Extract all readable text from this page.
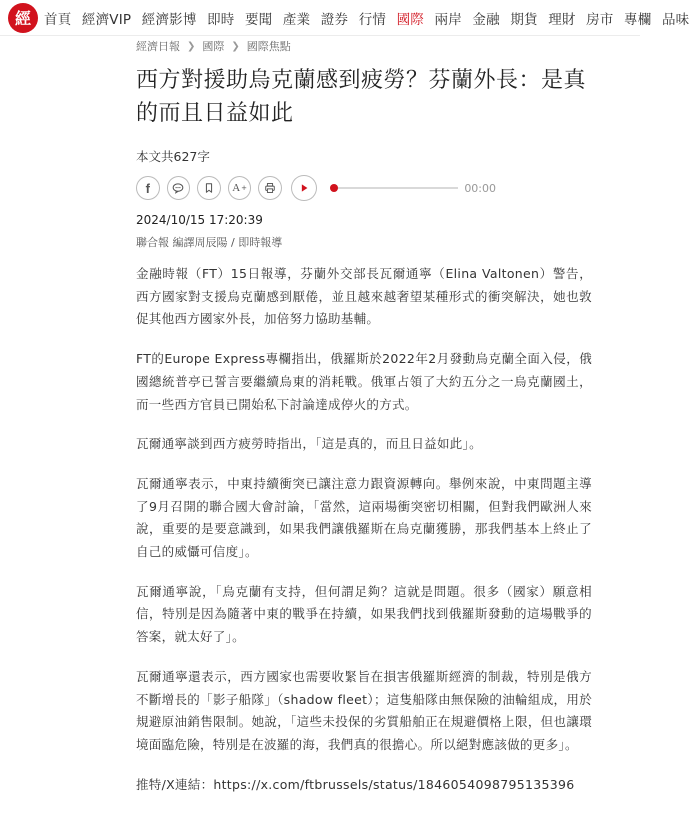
經 首頁 經濟VIP 經濟影博 即時 要聞 產業 證券 行情 國際 兩岸 金融 期貨 理財 房市 專欄 品味
經濟日報 ❯ 國際 ❯ 國際焦點
西方對援助烏克蘭感到疲勞？芬蘭外長：是真的而且日益如此
本文共627字
f	A +	00:00
2024/10/15 17:20:39
聯合報 編譯周辰陽 / 即時報導

金融時報（FT）15日報導，芬蘭外交部長瓦爾通寧（Elina Valtonen）警告，西方國家對支援烏克蘭感到厭倦，並且越來越奢望某種形式的衝突解決，她也敦促其他西方國家外長，加倍努力協助基輔。

FT的Europe Express專欄指出，俄羅斯於2022年2月發動烏克蘭全面入侵，俄國總統普亭已誓言要繼續烏東的消耗戰。俄軍占領了大約五分之一烏克蘭國土，而一些西方官員已開始私下討論達成停火的方式。

瓦爾通寧談到西方疲勞時指出，「這是真的，而且日益如此」。

瓦爾通寧表示，中東持續衝突已讓注意力跟資源轉向。舉例來說，中東問題主導了9月召開的聯合國大會討論，「當然，這兩場衝突密切相關，但對我們歐洲人來說，重要的是要意識到，如果我們讓俄羅斯在烏克蘭獲勝，那我們基本上終止了自己的威懾可信度」。

瓦爾通寧說，「烏克蘭有支持，但何謂足夠？這就是問題。很多（國家）願意相信，特別是因為隨著中東的戰爭在持續，如果我們找到俄羅斯發動的這場戰爭的答案，就太好了」。

瓦爾通寧還表示，西方國家也需要收緊旨在損害俄羅斯經濟的制裁，特別是俄方不斷增長的「影子船隊」（shadow fleet）；這隻船隊由無保險的油輪組成，用於規避原油銷售限制。她說，「這些未投保的劣質船舶正在規避價格上限，但也讓環境面臨危險，特別是在波羅的海，我們真的很擔心。所以絕對應該做的更多」。

推特/X連結：https://x.com/ftbrussels/status/1846054098795135396
